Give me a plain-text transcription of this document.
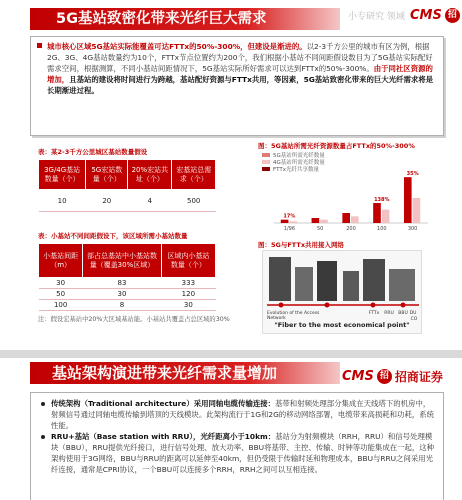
5G基站致密化带来光纤巨大需求	小专研究 领域 CMS 招
城市核心区域5G基站实际能覆盖可达FTTx的50%-300%，但建设是渐进的。以2-3千方公里的城市有区为例，根据2G、3G、4G基站数量约为10个，FTTx节点位置约为200个，我们根据小基站不同间距假设数目为了5G基站实际配好需求空间，根据测算，不同小基站间距情况下，5G基站实际所好需求可以达到FTTx的50%-300%。由于同社区资源的增加，且基站的建设将时间进行为跨越，基站配好资源与FTTx共用，等因素，5G基站致密化带来的巨大光纤需求将是长期渐进过程。
表：某2-3千方公里城区基站数量假设
3G/4G基站数量（个）	5G宏站数量（个）	20%宏站共址（个）	宏基站总需求（个）
10	20	4	500
表：小基站不同间距假设下，该区域所需小基站数量
小基站间距（m）	部占总基站中小基站数量（覆盖30%区域）	区域内小基站数量（个）
30	83	333
50	30	120
100	8	30
注：假设宏基站中20%大区域基站能。小基站共覆盖占总区域的30%
图：5G基站所需光纤资源数量占FTTx的50%-300%
5G基站所需光纤数量
4G基站所需光纤数量
FTTx光纤共享数量
1/96
17%
50	200	100
138%
300
35%
图：5G与FTTx共用接入网络
Evolution of the Access Network
FTTx	RRU BBU DU
CO
"Fiber to the most economical point"
基站架构演进带来光纤需求量增加	CMS 招 招商证券
传统架构（Traditional architecture）采用同轴电缆传输连接：基带和射频处理部分集成在天线塔下的机房中，射频信号通过同轴电缆传输到塔顶的天线模块。此架构流行于1G和2G的移动网络部署，电缆带来高损耗和功耗，系统性能。
RRU+基站（Base station with RRU），光纤距离小于10km：基站分为射频模块（RRH，RRU）和信号处理模块（BBU），RRU提供光纤接口，进行信号处理、放大功率、BBU将基带、主控、传输、时钟等功能集成在一起，这种架构使用于3G网络，BBU与RRU的距离可以延伸至40km，但仍受限于传输时延和物理成本，BBU与RRU之间采用光纤连接，通常是CPRI协议，一个BBU可以连接多个RRH，RRH之间可以互相连接。
